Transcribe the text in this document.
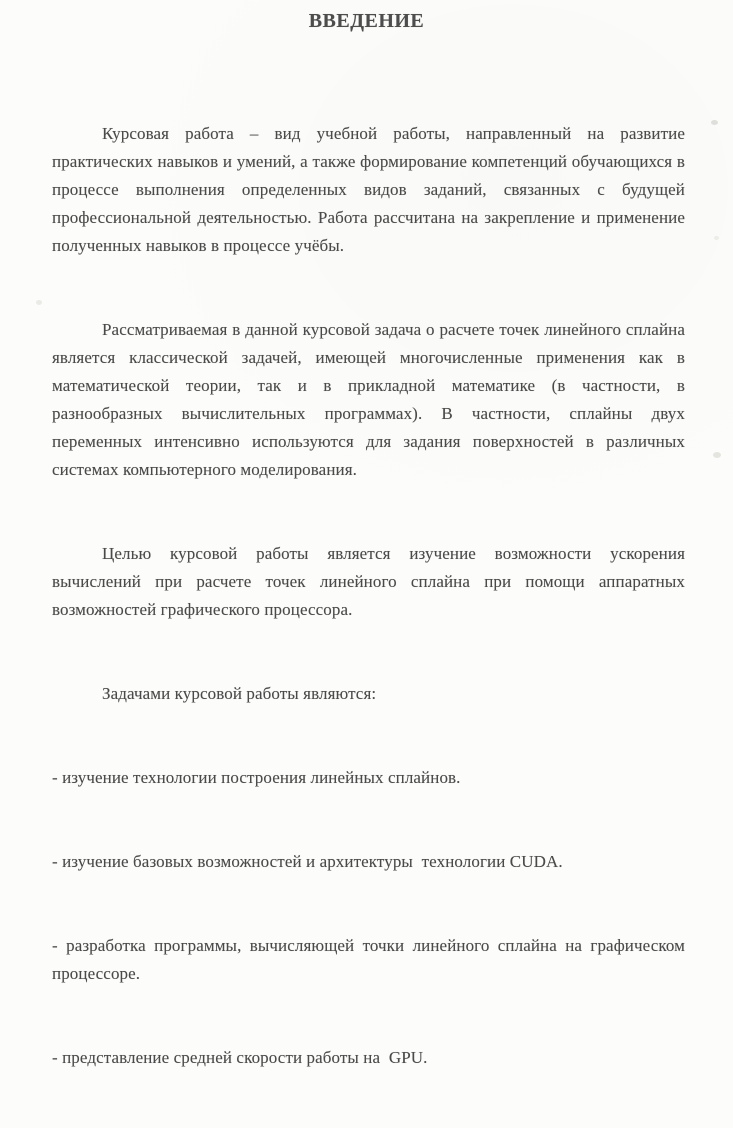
ВВЕДЕНИЕ

Курсовая работа – вид учебной работы, направленный на развитие практических навыков и умений, а также формирование компетенций обучающихся в процессе выполнения определенных видов заданий, связанных с будущей профессиональной деятельностью. Работа рассчитана на закрепление и применение полученных навыков в процессе учёбы.

Рассматриваемая в данной курсовой задача о расчете точек линейного сплайна является классической задачей, имеющей многочисленные применения как в математической теории, так и в прикладной математике (в частности, в разнообразных вычислительных программах). В частности, сплайны двух переменных интенсивно используются для задания поверхностей в различных  системах компьютерного моделирования.

Целью курсовой работы является изучение возможности ускорения вычислений при расчете точек линейного сплайна при помощи аппаратных возможностей графического процессора.

Задачами курсовой работы являются:

- изучение технологии построения линейных сплайнов.

- изучение базовых возможностей и архитектуры  технологии CUDA.

- разработка программы, вычисляющей точки линейного сплайна на графическом процессоре.

- представление средней скорости работы на  GPU.
